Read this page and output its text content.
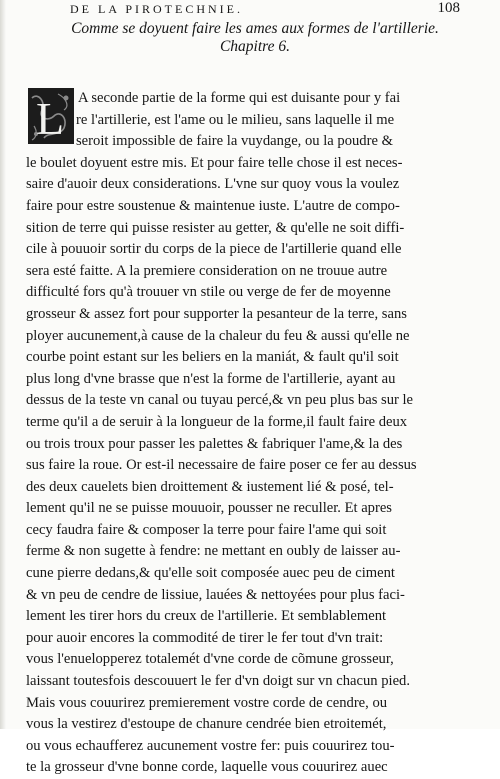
DE LA PIROTECHNIE.	108
Comme se doyuent faire les ames aux formes de l'artillerie.
Chapitre 6.
L A seconde partie de la forme qui est duisante pour y fai
re l'artillerie, est l'ame ou le milieu, sans laquelle il me
seroit impossible de faire la vuydange, ou la poudre &
le boulet doyuent estre mis. Et pour faire telle chose il est neces-
saire d'auoir deux considerations. L'vne sur quoy vous la voulez
faire pour estre soustenue & maintenue iuste. L'autre de compo-
sition de terre qui puisse resister au getter, & qu'elle ne soit diffi-
cile à pouuoir sortir du corps de la piece de l'artillerie quand elle
sera esté faitte. A la premiere consideration on ne trouue autre
difficulté fors qu'à trouuer vn stile ou verge de fer de moyenne
grosseur & assez fort pour supporter la pesanteur de la terre, sans
ployer aucunement,à cause de la chaleur du feu & aussi qu'elle ne
courbe point estant sur les beliers en la maniát, & fault qu'il soit
plus long d'vne brasse que n'est la forme de l'artillerie, ayant au
dessus de la teste vn canal ou tuyau percé,& vn peu plus bas sur le
terme qu'il a de seruir à la longueur de la forme,il fault faire deux
ou trois troux pour passer les palettes & fabriquer l'ame,& la des
sus faire la roue. Or est-il necessaire de faire poser ce fer au dessus
des deux cauelets bien droittement & iustement lié & posé, tel-
lement qu'il ne se puisse mouuoir, pousser ne reculler. Et apres
cecy faudra faire & composer la terre pour faire l'ame qui soit
ferme & non sugette à fendre: ne mettant en oubly de laisser au-
cune pierre dedans,& qu'elle soit composée auec peu de ciment
& vn peu de cendre de lissiue, lauées & nettoyées pour plus faci-
lement les tirer hors du creux de l'artillerie. Et semblablement
pour auoir encores la commodité de tirer le fer tout d'vn trait:
vous l'enuelopperez totalemét d'vne corde de cõmune grosseur,
laissant toutesfois descouuert le fer d'vn doigt sur vn chacun pied.
Mais vous couurirez premierement vostre corde de cendre, ou
vous la vestirez d'estoupe de chanure cendrée bien etroitemét,
ou vous echaufferez aucunement vostre fer: puis couurirez tou-
te la grosseur d'vne bonne corde, laquelle vous couurirez auec
